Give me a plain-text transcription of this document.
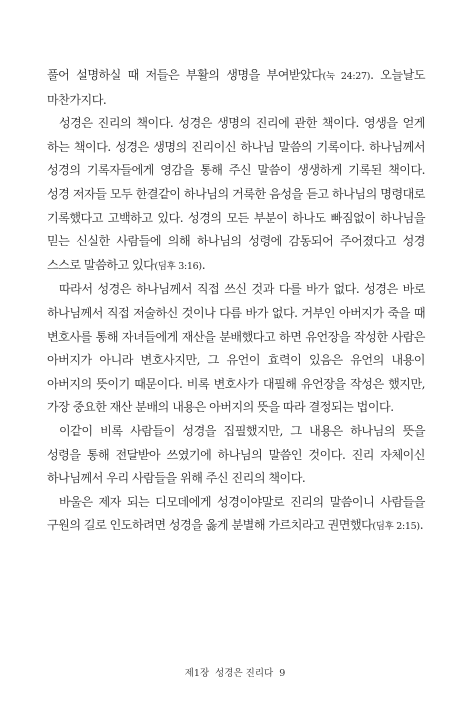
풀어 설명하실 때 저들은 부활의 생명을 부여받았다(눅 24:27). 오늘날도 마찬가지다.

성경은 진리의 책이다. 성경은 생명의 진리에 관한 책이다. 영생을 얻게 하는 책이다. 성경은 생명의 진리이신 하나님 말씀의 기록이다. 하나님께서 성경의 기록자들에게 영감을 통해 주신 말씀이 생생하게 기록된 책이다. 성경 저자들 모두 한결같이 하나님의 거룩한 음성을 듣고 하나님의 명령대로 기록했다고 고백하고 있다. 성경의 모든 부분이 하나도 빠짐없이 하나님을 믿는 신실한 사람들에 의해 하나님의 성령에 감동되어 주어졌다고 성경 스스로 말씀하고 있다(딤후 3:16).

따라서 성경은 하나님께서 직접 쓰신 것과 다를 바가 없다. 성경은 바로 하나님께서 직접 저술하신 것이나 다름 바가 없다. 거부인 아버지가 죽을 때 변호사를 통해 자녀들에게 재산을 분배했다고 하면 유언장을 작성한 사람은 아버지가 아니라 변호사지만, 그 유언이 효력이 있음은 유언의 내용이 아버지의 뜻이기 때문이다. 비록 변호사가 대필해 유언장을 작성은 했지만, 가장 중요한 재산 분배의 내용은 아버지의 뜻을 따라 결정되는 법이다.

이같이 비록 사람들이 성경을 집필했지만, 그 내용은 하나님의 뜻을 성령을 통해 전달받아 쓰였기에 하나님의 말씀인 것이다. 진리 자체이신 하나님께서 우리 사람들을 위해 주신 진리의 책이다.

바울은 제자 되는 디모데에게 성경이야말로 진리의 말씀이니 사람들을 구원의 길로 인도하려면 성경을 옳게 분별해 가르치라고 권면했다(딤후 2:15).

제1장 성경은 진리다 9
